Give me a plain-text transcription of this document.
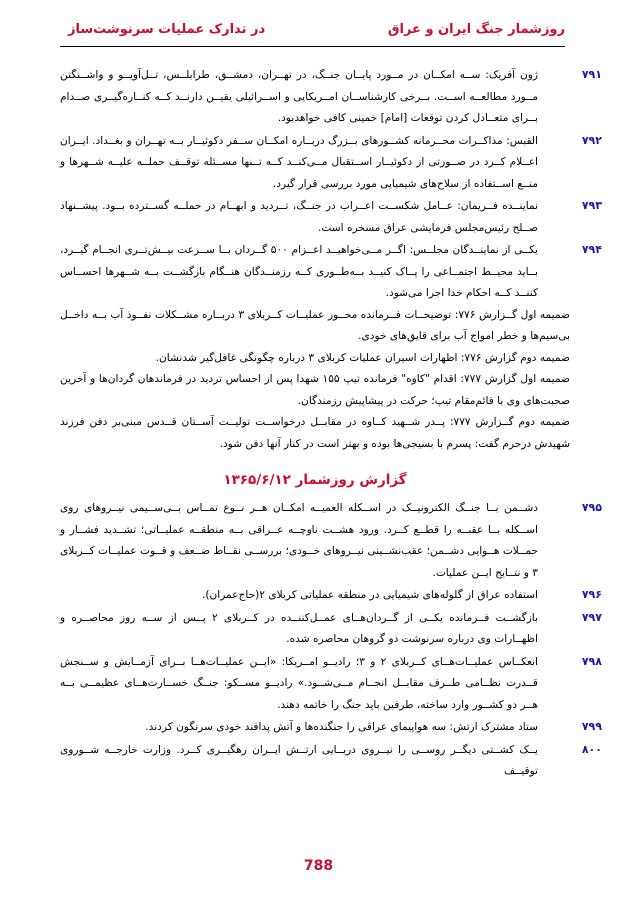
روزشمار جنگ ایران و عراق
در تدارک عملیات سرنوشت‌ساز

۷۹۱ژون آفریک: ســه امکــان در مــورد پایــان جنــگ، در تهــران، دمشــق، طرابلــس، تــل‌آویــو و واشــنگتن مــورد مطالعــه اســت. بــرخی کارشناســان امــریکایی و اســرائیلی یقیــن دارنــد کــه کنــاره‌گیــری صــدام بــرای متعــادل کردن توقعات [امام] خمینی کافی خواهدبود.

۷۹۲القبس: مذاکــرات محــرمانه کشــورهای بــزرگ دربــاره امکــان ســفر دکوئیــار بــه تهــران و بغــداد. ایــران اعــلام کــرد در صــورتی از دکوئیــار اســتقبال مــی‌کنــد کــه تــنها مســئله توقــف حملــه علیــه شــهرها و منــع اســتفاده از سلاح‌های شیمیایی مورد بررسی قرار گیرد.

۷۹۳نماینــده فــریمان: عــامل شکســت اعــراب در جنــگ، تــردید و ابهــام در حملــه گســترده بــود. پیشــنهاد صــلح رئیس‌مجلس فرمایشی عراق مسخره است.

۷۹۴یکــی از نماینــدگان مجلــس: اگــر مــی‌خواهیــد اعــزام ۵۰۰ گــردان بــا ســرعت بیــش‌تــری انجــام گیــرد، بــاید محیــط اجتمــاعی را پــاک کنیــد بــه‌طــوری کــه رزمنــدگان هنــگام بازگشــت بــه شــهرها احســاس کننــد کــه احکام خدا اجرا می‌شود.

ضمیمه اول گــزارش ۷۷۶: توضیحــات فــرمانده محــور عملیــات کــربلای ۳ دربــاره مشــکلات نفــوذ آب بــه داخــل بی‌سیم‌ها و خطر امواج آب برای قایق‌های خودی.

ضمیمه دوم گزارش ۷۷۶: اظهارات اسیران عملیات کربلای ۳ درباره چگونگی غافل‌گیر شدنشان.

ضمیمه اول گزارش ۷۷۷: اقدام "کاوه" فرمانده تیپ ۱۵۵ شهدا پس از احساس تردید در فرماندهان گردان‌ها و آخرین صحبت‌های وی با قائم‌مقام تیپ؛ حرکت در پیشاپیش رزمندگان.

ضمیمه دوم گــزارش ۷۷۷: پــدر شــهید کــاوه در مقابــل درخواســت تولیــت آســتان قــدس مبنی‌بر دفن فرزند شهیدش درحرم گفت: پسرم با بسیجی‌ها بوده و بهتر است در کنار آنها دفن شود.

گزارش روزشمار ۱۳۶۵/۶/۱۲

۷۹۵دشــمن بــا جنــگ الکترونیــک در اســکله العمیــه امکــان هــر نــوع تمــاس بــی‌ســیمی نیــروهای روی اســکله بــا عقبــه را قطــع کــرد. ورود هشــت ناوچــه عــراقی بــه منطقــه عملیــاتی؛ تشــدید فشــار و حمــلات هــوایی دشــمن؛ عقب‌نشــینی نیــروهای خــودی؛ بررســی نقــاط ضــعف و قــوت عملیــات کــربلای ۳ و نتــایج ایــن عملیات.

۷۹۶استفاده عراق از گلوله‌های شیمیایی در منطقه عملیاتی کربلای ۲(حاج‌عمران).

۷۹۷بازگشــت فــرمانده یکــی از گــردان‌هــای عمــل‌کننــده در کــربلای ۲ پــس از ســه روز محاصــره و اظهــارات وی درباره سرنوشت دو گروهان محاصره شده.

۷۹۸انعکــاس عملیــات‌هــای کــربلای ۲ و ۳؛ رادیــو امــریکا: «ایــن عملیــات‌هــا بــرای آزمــایش و ســنجش قــدرت نظــامی طــرف مقابــل انجــام مــی‌شــود.» رادیــو مســکو: جنــگ خســارت‌هــای عظیمــی بــه هــر دو کشــور وارد ساخته، طرفین باید جنگ را خاتمه دهند.

۷۹۹ستاد مشترک ارتش: سه هواپیمای عراقی را جنگنده‌ها و آتش پدافند خودی سرنگون کردند.

۸۰۰یــک کشــتی دیگــر روســی را نیــروی دریــایی ارتــش ایــران رهگیــری کــرد. وزارت خارجــه شــوروی توقیــف

788
